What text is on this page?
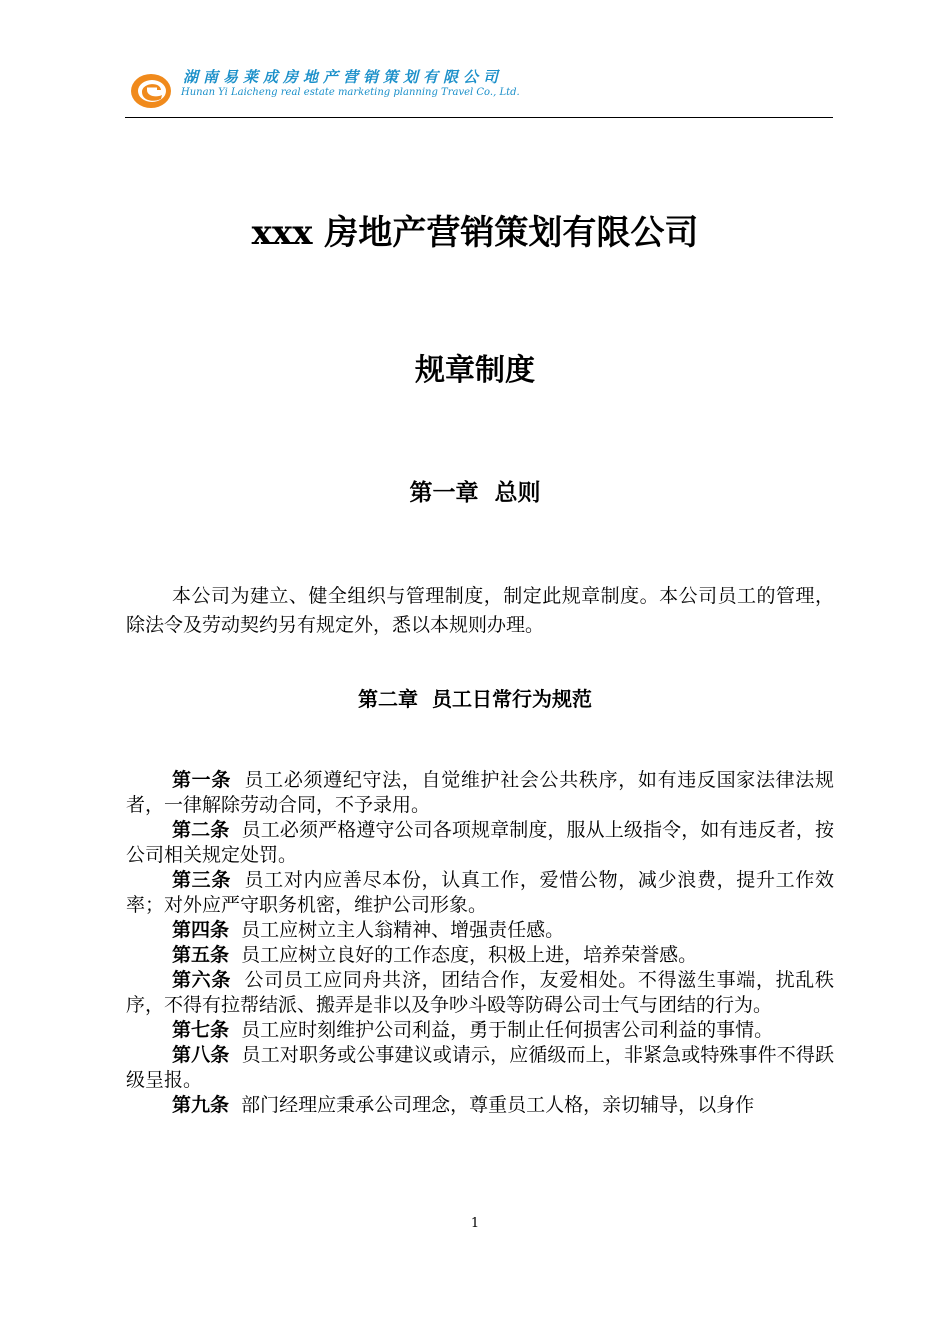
湖南易莱成房地产营销策划有限公司
Hunan Yi Laicheng real estate marketing planning Travel Co., Ltd.
xxx 房地产营销策划有限公司
规章制度
第一章  总则
本公司为建立、健全组织与管理制度，制定此规章制度。本公司员工的管理，除法令及劳动契约另有规定外，悉以本规则办理。
第二章  员工日常行为规范
第一条 员工必须遵纪守法，自觉维护社会公共秩序，如有违反国家法律法规者，一律解除劳动合同，不予录用。
第二条 员工必须严格遵守公司各项规章制度，服从上级指令，如有违反者，按公司相关规定处罚。
第三条 员工对内应善尽本份，认真工作，爱惜公物，减少浪费，提升工作效率；对外应严守职务机密，维护公司形象。
第四条 员工应树立主人翁精神、增强责任感。
第五条 员工应树立良好的工作态度，积极上进，培养荣誉感。
第六条 公司员工应同舟共济，团结合作，友爱相处。不得滋生事端，扰乱秩序，不得有拉帮结派、搬弄是非以及争吵斗殴等防碍公司士气与团结的行为。
第七条 员工应时刻维护公司利益，勇于制止任何损害公司利益的事情。
第八条 员工对职务或公事建议或请示，应循级而上，非紧急或特殊事件不得跃级呈报。
第九条 部门经理应秉承公司理念，尊重员工人格，亲切辅导，以身作
1
